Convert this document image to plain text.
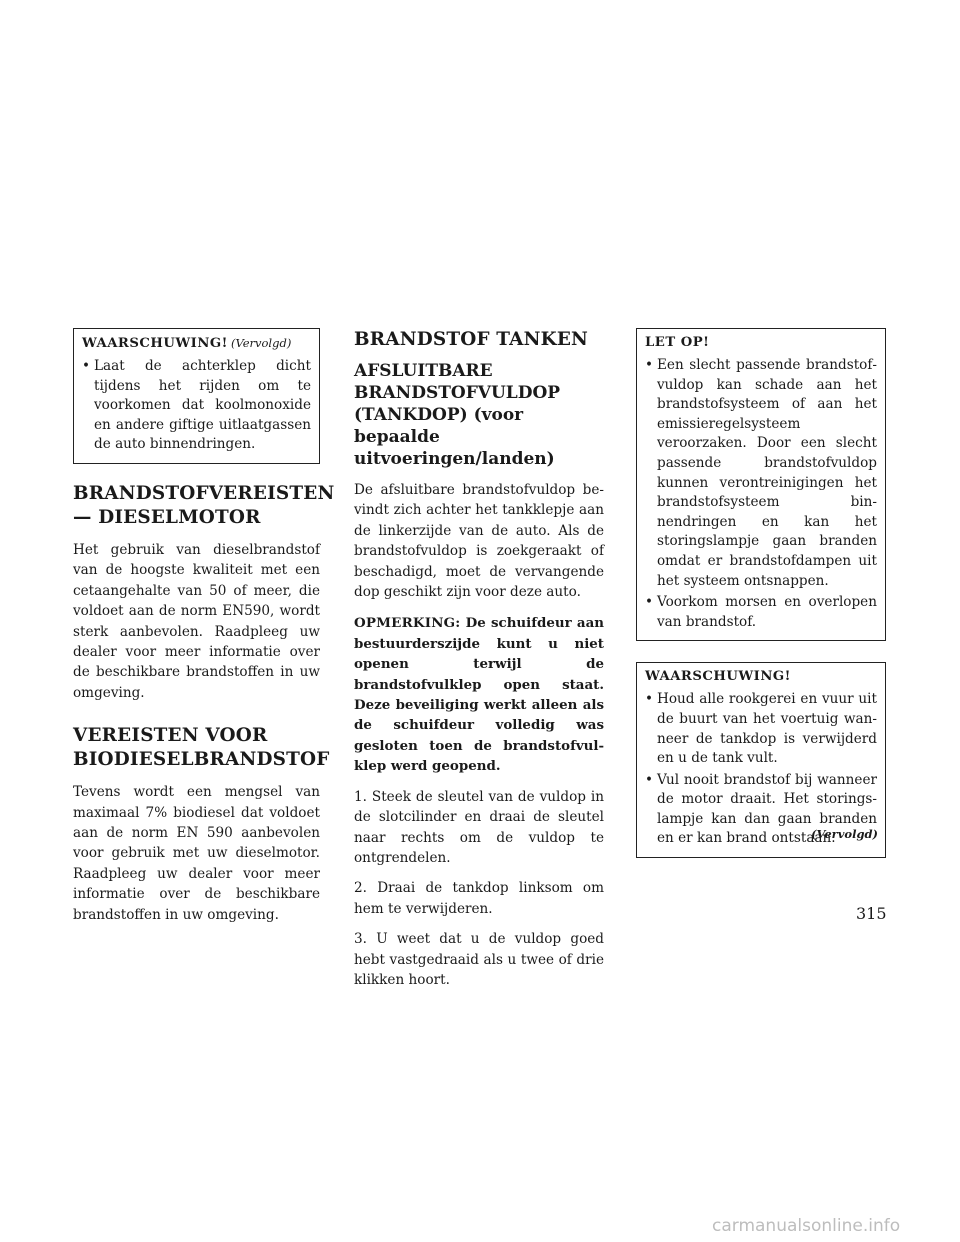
WAARSCHUWING! (Vervolgd)
• Laat de achterklep dicht tijdens het rijden om te voorkomen dat koolmonoxide en andere giftige uitlaatgassen de auto binnendringen.
BRANDSTOFVEREISTEN — DIESELMOTOR

Het gebruik van dieselbrandstof van de hoogste kwaliteit met een cetaangehalte van 50 of meer, die voldoet aan de norm EN590, wordt sterk aanbevolen. Raadpleeg uw dealer voor meer informatie over de beschikbare brandstoffen in uw omgeving.

VEREISTEN VOOR BIODIESELBRANDSTOF

Tevens wordt een mengsel van maximaal 7% biodiesel dat voldoet aan de norm EN 590 aanbevolen voor gebruik met uw dieselmotor. Raadpleeg uw dealer voor meer informatie over de beschikbare brandstoffen in uw omgeving.

BRANDSTOF TANKEN
AFSLUITBARE BRANDSTOFVULDOP (TANKDOP) (voor bepaalde uitvoeringen/landen)

De afsluitbare brandstofvuldop bevindt zich achter het tankklepje aan de linkerzijde van de auto. Als de brandstofvuldop is zoekgeraakt of beschadigd, moet de vervangende dop geschikt zijn voor deze auto.

OPMERKING: De schuifdeur aan bestuurderszijde kunt u niet openen terwijl de brandstofvulklep open staat. Deze beveiliging werkt alleen als de schuifdeur volledig was gesloten toen de brandstofvulklep werd geopend.

1. Steek de sleutel van de vuldop in de slotcilinder en draai de sleutel naar rechts om de vuldop te ontgrendelen.

2. Draai de tankdop linksom om hem te verwijderen.

3. U weet dat u de vuldop goed hebt vastgedraaid als u twee of drie klikken hoort.

LET OP!
• Een slecht passende brandstofvuldop kan schade aan het brandstofsysteem of aan het emissieregelsysteem veroorzaken. Door een slecht passende brandstofvuldop kunnen verontreinigingen het brandstofsysteem binnendringen en kan het storingslampje gaan branden omdat er brandstofdampen uit het systeem ontsnappen.
• Voorkom morsen en overlopen van brandstof.
WAARSCHUWING!
• Houd alle rookgerei en vuur uit de buurt van het voertuig wanneer de tankdop is verwijderd en u de tank vult.
• Vul nooit brandstof bij wanneer de motor draait. Het storingslampje kan dan gaan branden en er kan brand ontstaan.
(Vervolgd)
315
carmanualsonline.info
